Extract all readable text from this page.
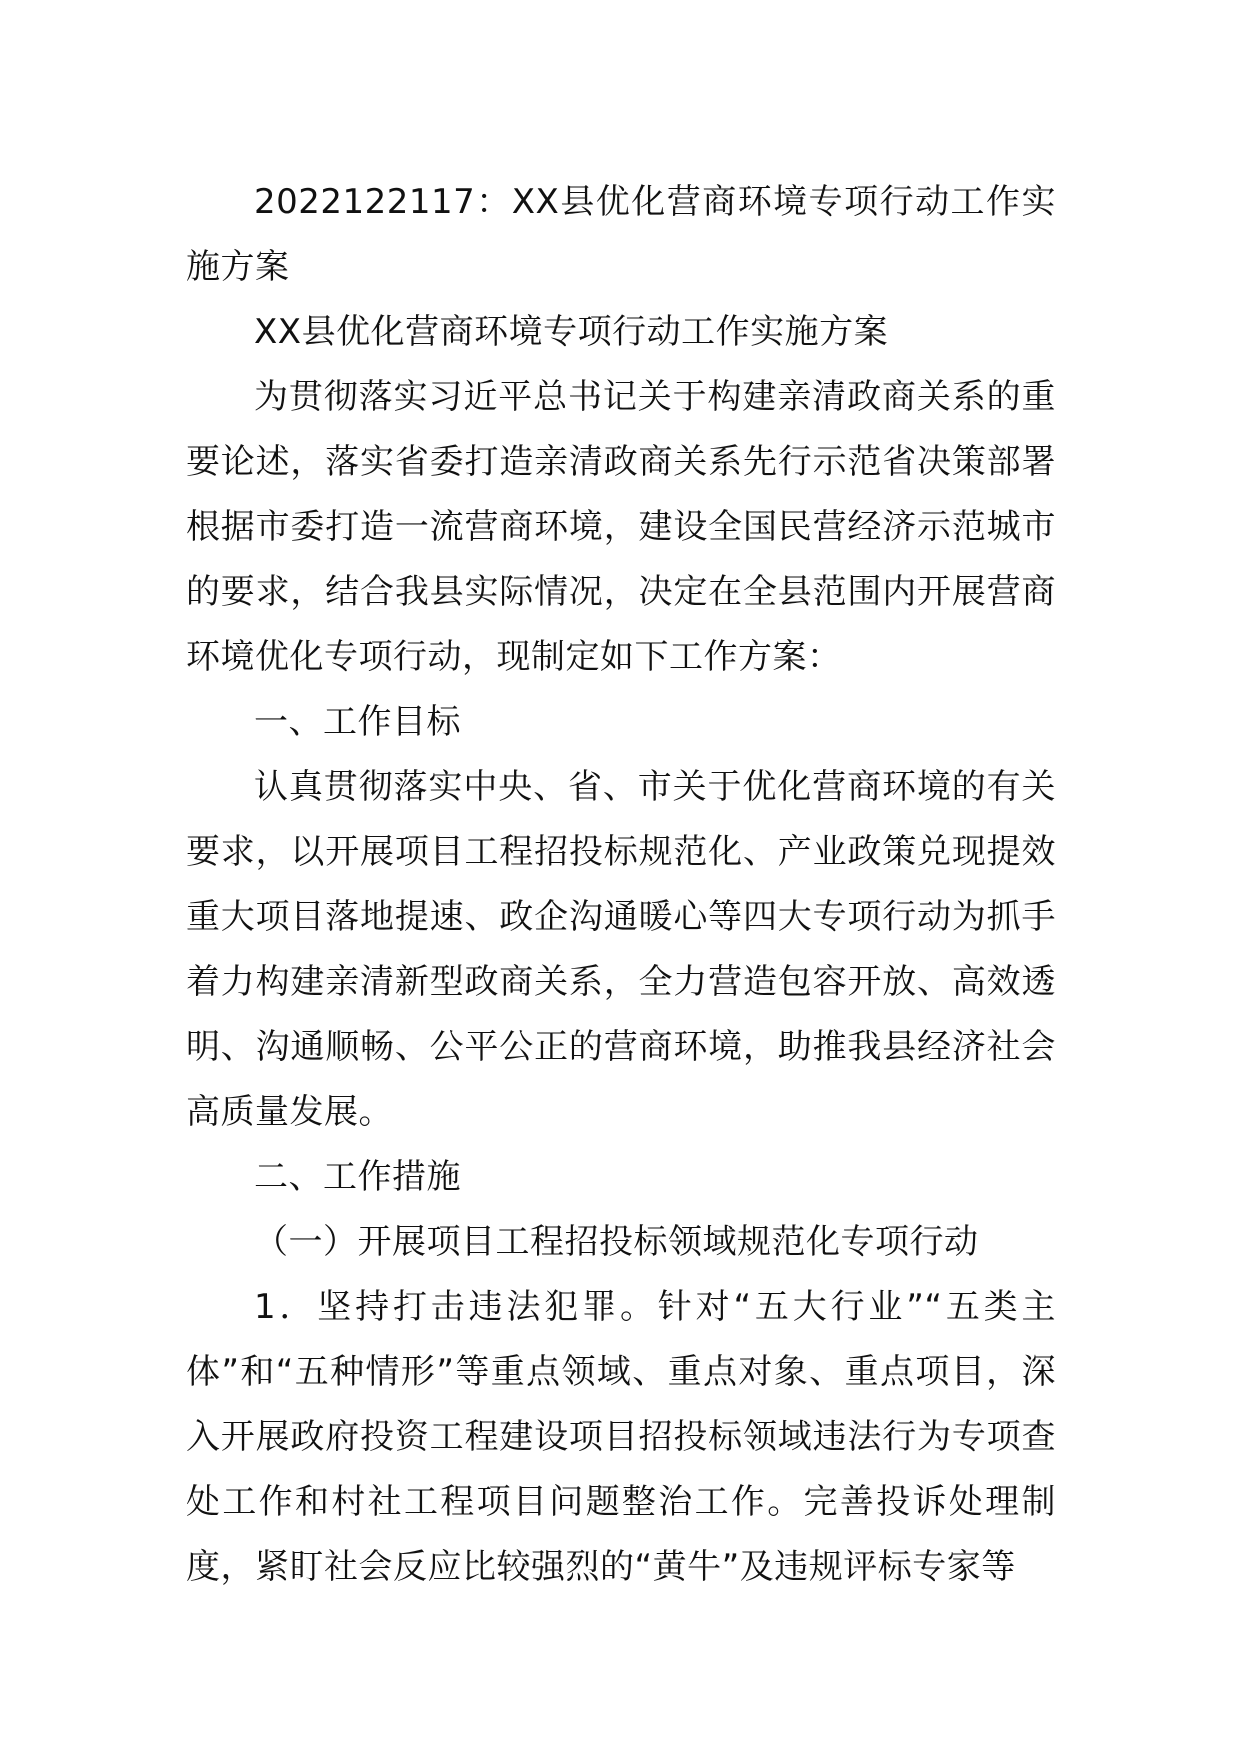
2022122117：XX县优化营商环境专项行动工作实施方案

XX县优化营商环境专项行动工作实施方案

为贯彻落实习近平总书记关于构建亲清政商关系的重要论述，落实省委打造亲清政商关系先行示范省决策部署根据市委打造一流营商环境，建设全国民营经济示范城市的要求，结合我县实际情况，决定在全县范围内开展营商环境优化专项行动，现制定如下工作方案：

一、工作目标

认真贯彻落实中央、省、市关于优化营商环境的有关要求，以开展项目工程招投标规范化、产业政策兑现提效重大项目落地提速、政企沟通暖心等四大专项行动为抓手着力构建亲清新型政商关系，全力营造包容开放、高效透明、沟通顺畅、公平公正的营商环境，助推我县经济社会高质量发展。

二、工作措施

（一）开展项目工程招投标领域规范化专项行动

1．坚持打击违法犯罪。针对“五大行业”“五类主体”和“五种情形”等重点领域、重点对象、重点项目，深入开展政府投资工程建设项目招投标领域违法行为专项查处工作和村社工程项目问题整治工作。完善投诉处理制度，紧盯社会反应比较强烈的“黄牛”及违规评标专家等
